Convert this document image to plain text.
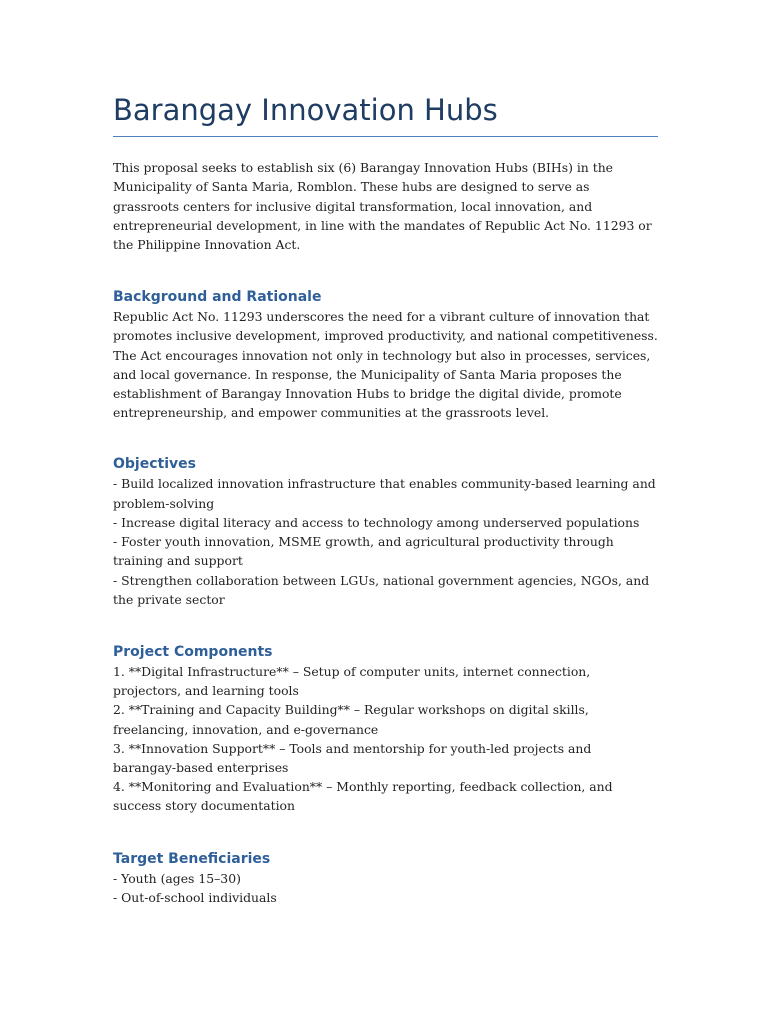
Barangay Innovation Hubs

This proposal seeks to establish six (6) Barangay Innovation Hubs (BIHs) in the Municipality of Santa Maria, Romblon. These hubs are designed to serve as grassroots centers for inclusive digital transformation, local innovation, and entrepreneurial development, in line with the mandates of Republic Act No. 11293 or the Philippine Innovation Act.

Background and Rationale

Republic Act No. 11293 underscores the need for a vibrant culture of innovation that promotes inclusive development, improved productivity, and national competitiveness. The Act encourages innovation not only in technology but also in processes, services, and local governance. In response, the Municipality of Santa Maria proposes the establishment of Barangay Innovation Hubs to bridge the digital divide, promote entrepreneurship, and empower communities at the grassroots level.

Objectives
- Build localized innovation infrastructure that enables community-based learning and problem-solving
- Increase digital literacy and access to technology among underserved populations
- Foster youth innovation, MSME growth, and agricultural productivity through training and support
- Strengthen collaboration between LGUs, national government agencies, NGOs, and the private sector
Project Components
1. **Digital Infrastructure** – Setup of computer units, internet connection, projectors, and learning tools
2. **Training and Capacity Building** – Regular workshops on digital skills, freelancing, innovation, and e-governance
3. **Innovation Support** – Tools and mentorship for youth-led projects and barangay-based enterprises
4. **Monitoring and Evaluation** – Monthly reporting, feedback collection, and success story documentation
Target Beneficiaries
- Youth (ages 15–30)
- Out-of-school individuals
